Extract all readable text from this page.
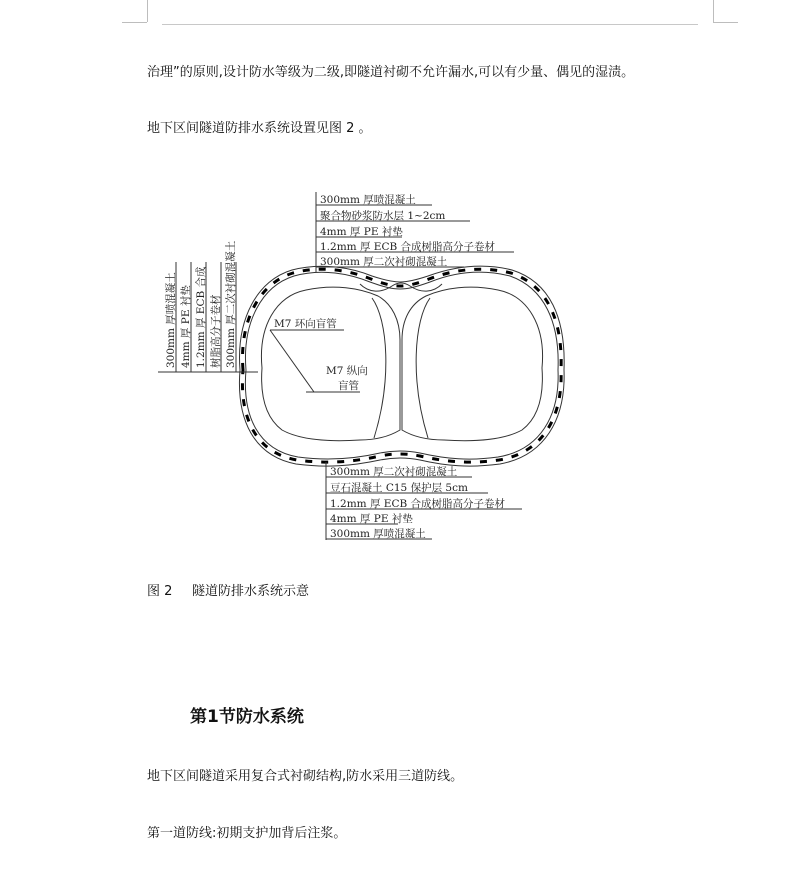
治理”的原则,设计防水等级为二级,即隧道衬砌不允许漏水,可以有少量、偶见的湿渍。

地下区间隧道防排水系统设置见图 2 。

300mm 厚喷混凝土
聚合物砂浆防水层 1~2cm
4mm 厚 PE 衬垫
1.2mm 厚 ECB 合成树脂高分子卷材
300mm 厚二次衬砌混凝土
300mm 厚喷混凝土 4mm 厚 PE 衬垫 1.2mm 厚 ECB 合成 树脂高分子卷材 300mm 厚二次衬砌混凝土	M7 环向盲管
M7 纵向
盲管
300mm 厚二次衬砌混凝土
豆石混凝土 C15 保护层 5cm
1.2mm 厚 ECB 合成树脂高分子卷材
4mm 厚 PE 衬垫
300mm 厚喷混凝土
图 2 隧道防排水系统示意
第1节防水系统

地下区间隧道采用复合式衬砌结构,防水采用三道防线。

第一道防线:初期支护加背后注浆。
